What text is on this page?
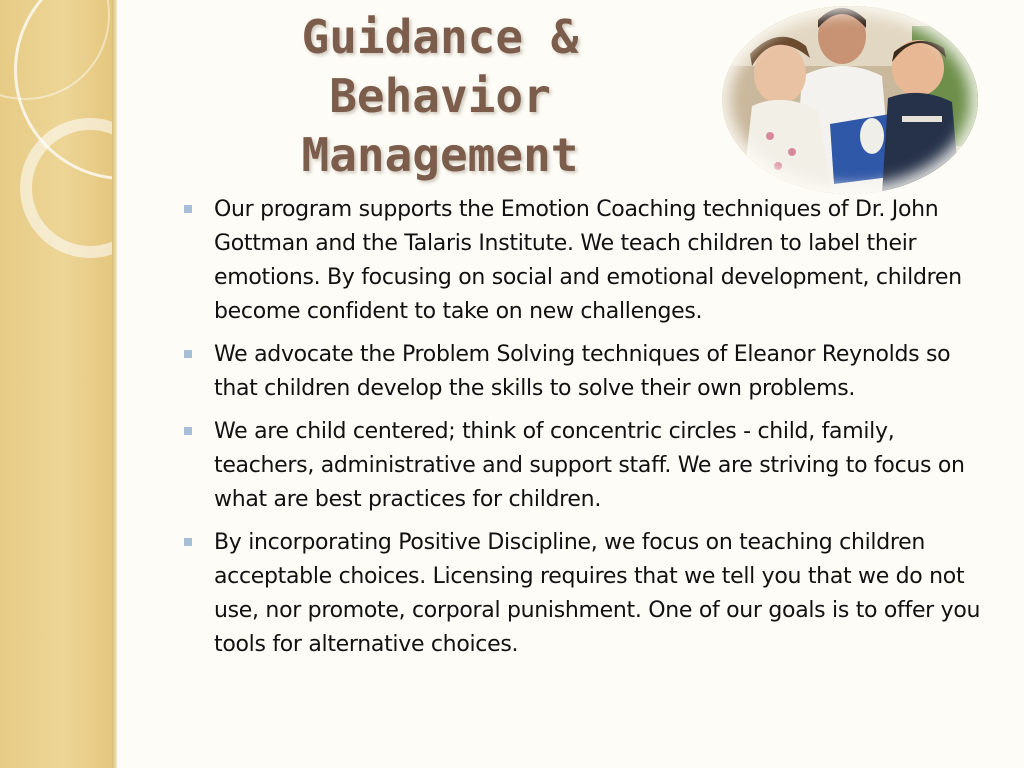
Guidance & Behavior Management
Our program supports the Emotion Coaching techniques of Dr. John Gottman and the Talaris Institute. We teach children to label their emotions. By focusing on social and emotional development, children become confident to take on new challenges.
We advocate the Problem Solving techniques of Eleanor Reynolds so that children develop the skills to solve their own problems.
We are child centered; think of concentric circles - child, family, teachers, administrative and support staff. We are striving to focus on what are best practices for children.
By incorporating Positive Discipline, we focus on teaching children acceptable choices. Licensing requires that we tell you that we do not use, nor promote, corporal punishment. One of our goals is to offer you tools for alternative choices.
